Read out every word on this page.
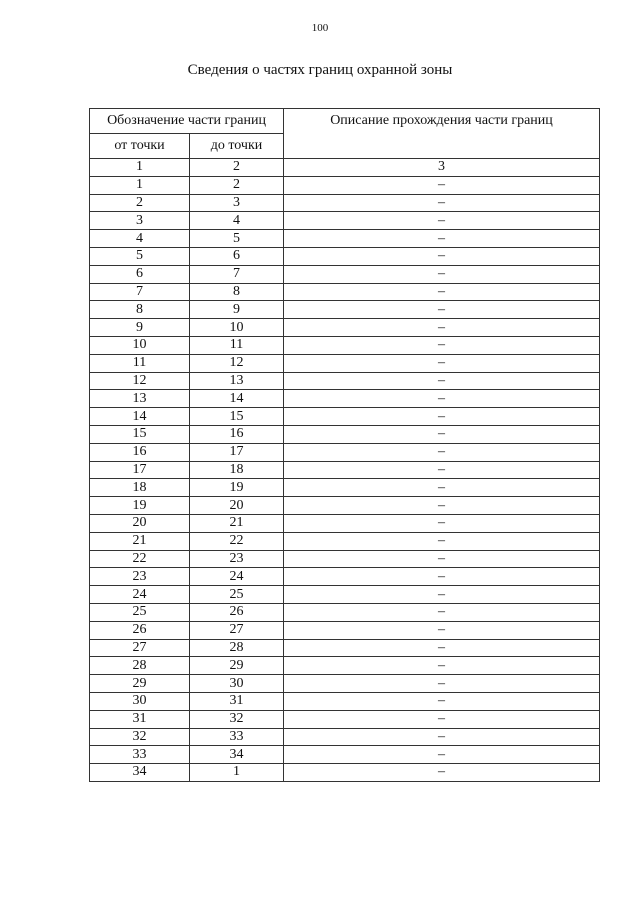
100
Сведения о частях границ охранной зоны
Обозначение части границ		Описание прохождения части границ
от точки	до точки	
1	2	3
1	2	–
2	3	–
3	4	–
4	5	–
5	6	–
6	7	–
7	8	–
8	9	–
9	10	–
10	11	–
11	12	–
12	13	–
13	14	–
14	15	–
15	16	–
16	17	–
17	18	–
18	19	–
19	20	–
20	21	–
21	22	–
22	23	–
23	24	–
24	25	–
25	26	–
26	27	–
27	28	–
28	29	–
29	30	–
30	31	–
31	32	–
32	33	–
33	34	–
34	1	–
